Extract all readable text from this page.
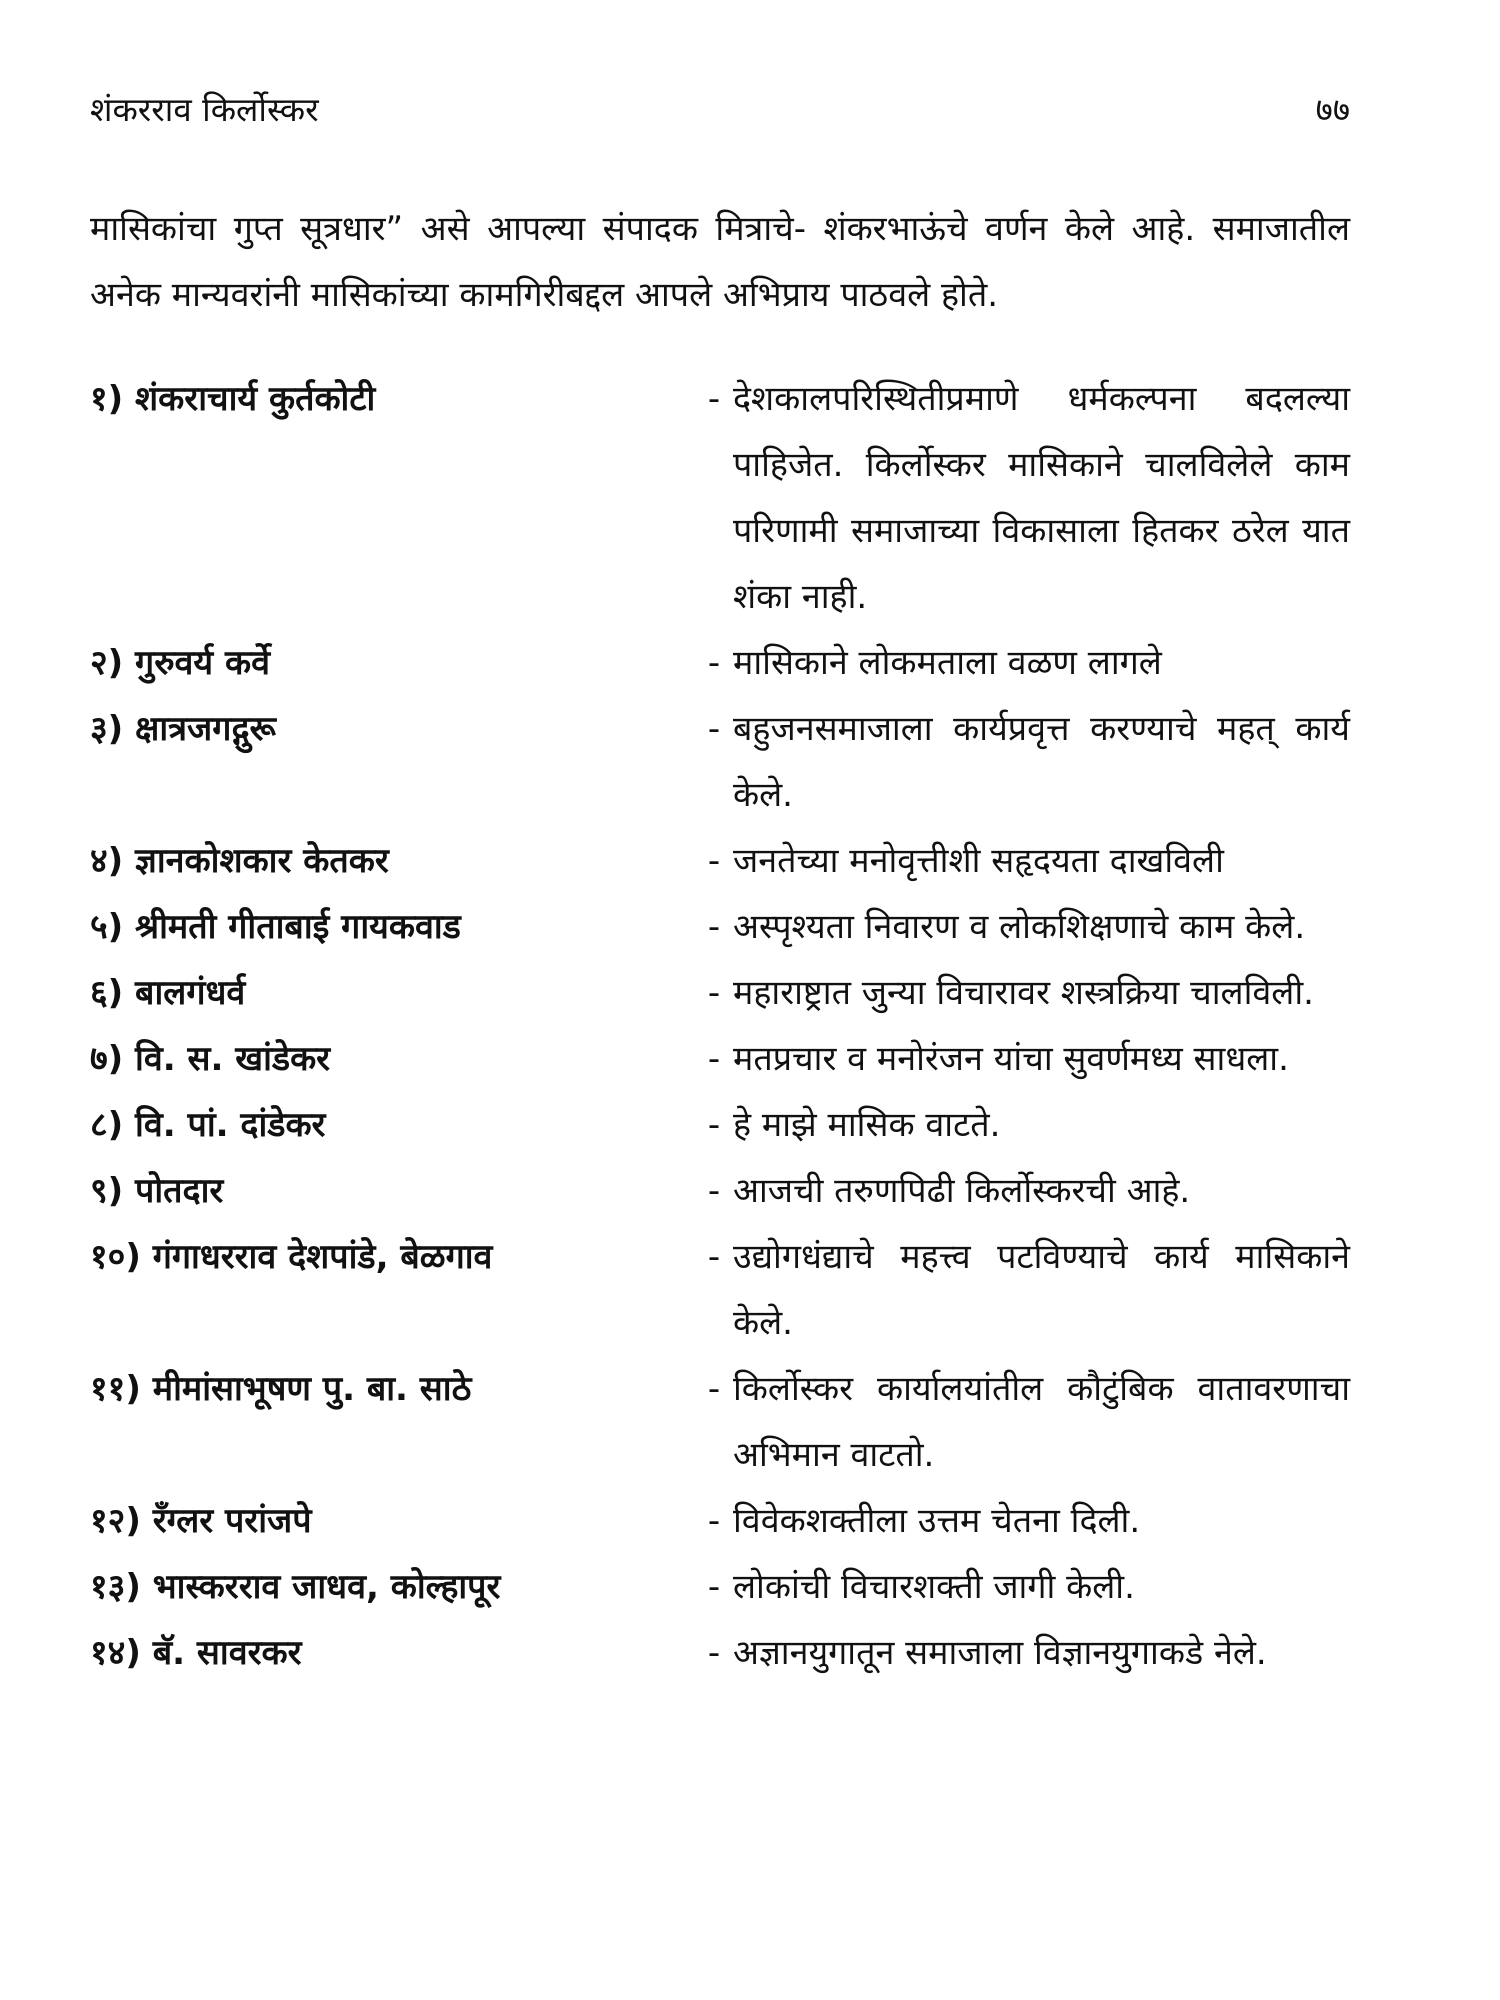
शंकरराव किर्लोस्कर	७७

मासिकांचा गुप्त सूत्रधार” असे आपल्या संपादक मित्राचे- शंकरभाऊंचे वर्णन केले आहे. समाजातील अनेक मान्यवरांनी मासिकांच्या कामगिरीबद्दल आपले अभिप्राय पाठवले होते.

१) शंकराचार्य कुर्तकोटी	- देशकालपरिस्थितीप्रमाणे धर्मकल्पना बदलल्या पाहिजेत. किर्लोस्कर मासिकाने चालविलेले काम परिणामी समाजाच्या विकासाला हितकर ठरेल यात शंका नाही.
२) गुरुवर्य कर्वे	- मासिकाने लोकमताला वळण लागले
३) क्षात्रजगद्गुरू	- बहुजनसमाजाला कार्यप्रवृत्त करण्याचे महत् कार्य केले.
४) ज्ञानकोशकार केतकर	- जनतेच्या मनोवृत्तीशी सहृदयता दाखविली
५) श्रीमती गीताबाई गायकवाड	- अस्पृश्यता निवारण व लोकशिक्षणाचे काम केले.
६) बालगंधर्व	- महाराष्ट्रात जुन्या विचारावर शस्त्रक्रिया चालविली.
७) वि. स. खांडेकर	- मतप्रचार व मनोरंजन यांचा सुवर्णमध्य साधला.
८) वि. पां. दांडेकर	- हे माझे मासिक वाटते.
९) पोतदार	- आजची तरुणपिढी किर्लोस्करची आहे.
१०) गंगाधरराव देशपांडे, बेळगाव	- उद्योगधंद्याचे महत्त्व पटविण्याचे कार्य मासिकाने केले.
११) मीमांसाभूषण पु. बा. साठे	- किर्लोस्कर कार्यालयांतील कौटुंबिक वातावरणाचा अभिमान वाटतो.
१२) रँग्लर परांजपे	- विवेकशक्तीला उत्तम चेतना दिली.
१३) भास्करराव जाधव, कोल्हापूर	- लोकांची विचारशक्ती जागी केली.
१४) बॅ. सावरकर	- अज्ञानयुगातून समाजाला विज्ञानयुगाकडे नेले.
